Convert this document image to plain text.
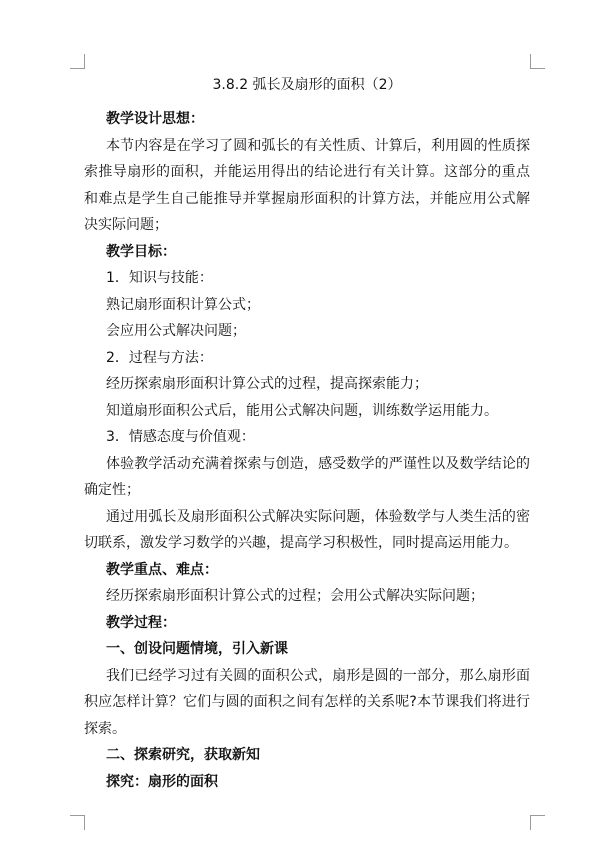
3.8.2 弧长及扇形的面积（2）

教学设计思想：

本节内容是在学习了圆和弧长的有关性质、计算后，利用圆的性质探索推导扇形的面积，并能运用得出的结论进行有关计算。这部分的重点和难点是学生自己能推导并掌握扇形面积的计算方法，并能应用公式解决实际问题；

教学目标：

1．知识与技能：

熟记扇形面积计算公式；

会应用公式解决问题；

2．过程与方法：

经历探索扇形面积计算公式的过程，提高探索能力；

知道扇形面积公式后，能用公式解决问题，训练数学运用能力。

3．情感态度与价值观：

体验教学活动充满着探索与创造，感受数学的严谨性以及数学结论的确定性；

通过用弧长及扇形面积公式解决实际问题，体验数学与人类生活的密切联系，激发学习数学的兴趣，提高学习积极性，同时提高运用能力。

教学重点、难点：

经历探索扇形面积计算公式的过程；会用公式解决实际问题；

教学过程：

一、创设问题情境，引入新课

我们已经学习过有关圆的面积公式，扇形是圆的一部分，那么扇形面积应怎样计算？它们与圆的面积之间有怎样的关系呢?本节课我们将进行探索。

二、探索研究，获取新知

探究：扇形的面积
